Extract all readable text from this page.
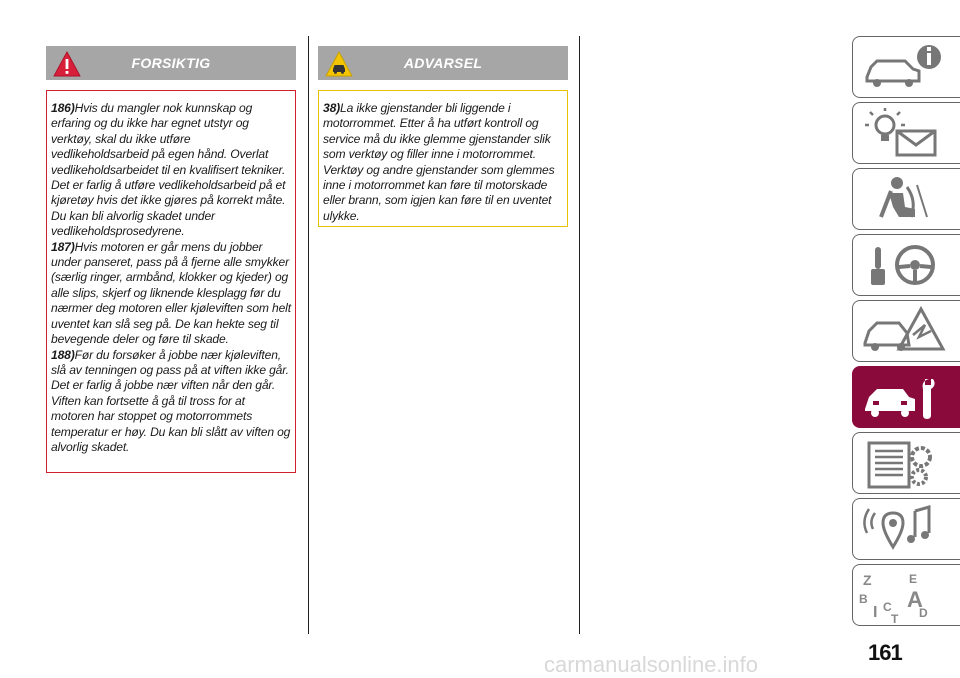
FORSIKTIG

186)Hvis du mangler nok kunnskap og erfaring og du ikke har egnet utstyr og verktøy, skal du ikke utføre vedlikeholdsarbeid på egen hånd. Overlat vedlikeholdsarbeidet til en kvalifisert tekniker. Det er farlig å utføre vedlikeholdsarbeid på et kjøretøy hvis det ikke gjøres på korrekt måte. Du kan bli alvorlig skadet under vedlikeholdsprosedyrene.

187)Hvis motoren er går mens du jobber under panseret, pass på å fjerne alle smykker (særlig ringer, armbånd, klokker og kjeder) og alle slips, skjerf og liknende klesplagg før du nærmer deg motoren eller kjøleviften som helt uventet kan slå seg på. De kan hekte seg til bevegende deler og føre til skade.

188)Før du forsøker å jobbe nær kjøleviften, slå av tenningen og pass på at viften ikke går. Det er farlig å jobbe nær viften når den går. Viften kan fortsette å gå til tross for at motoren har stoppet og motorrommets temperatur er høy. Du kan bli slått av viften og alvorlig skadet.

ADVARSEL

38)La ikke gjenstander bli liggende i motorrommet. Etter å ha utført kontroll og service må du ikke glemme gjenstander slik som verktøy og filler inne i motorrommet. Verktøy og andre gjenstander som glemmes inne i motorrommet kan føre til motorskade eller brann, som igjen kan føre til en uventet ulykke.

Z	E
B A
I C
T D
161
carmanualsonline.info
